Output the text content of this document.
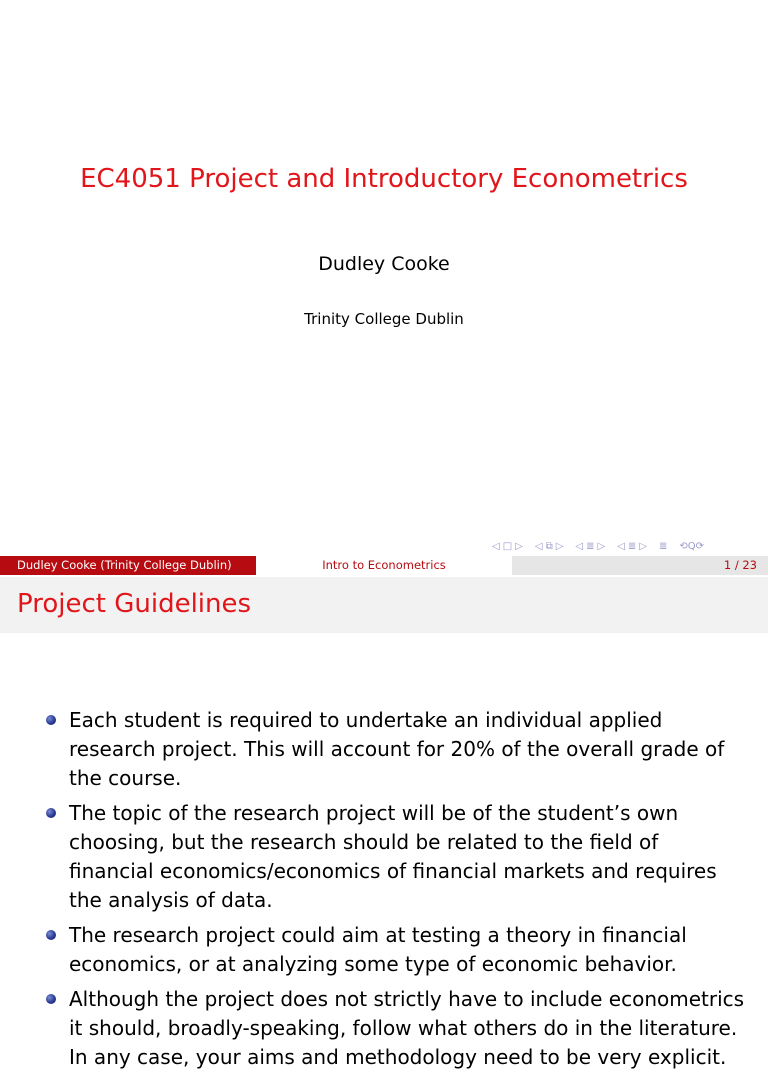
EC4051 Project and Introductory Econometrics
Dudley Cooke
Trinity College Dublin
◁ □ ▷ ◁ ⧉ ▷ ◁ ≣ ▷ ◁ ≣ ▷ ≣ ⟲Q⟳
Dudley Cooke (Trinity College Dublin)	Intro to Econometrics	1 / 23
Project Guidelines
Each student is required to undertake an individual applied research project. This will account for 20% of the overall grade of the course.
The topic of the research project will be of the student’s own choosing, but the research should be related to the field of financial economics/economics of financial markets and requires the analysis of data.
The research project could aim at testing a theory in financial economics, or at analyzing some type of economic behavior.
Although the project does not strictly have to include econometrics it should, broadly-speaking, follow what others do in the literature. In any case, your aims and methodology need to be very explicit.
